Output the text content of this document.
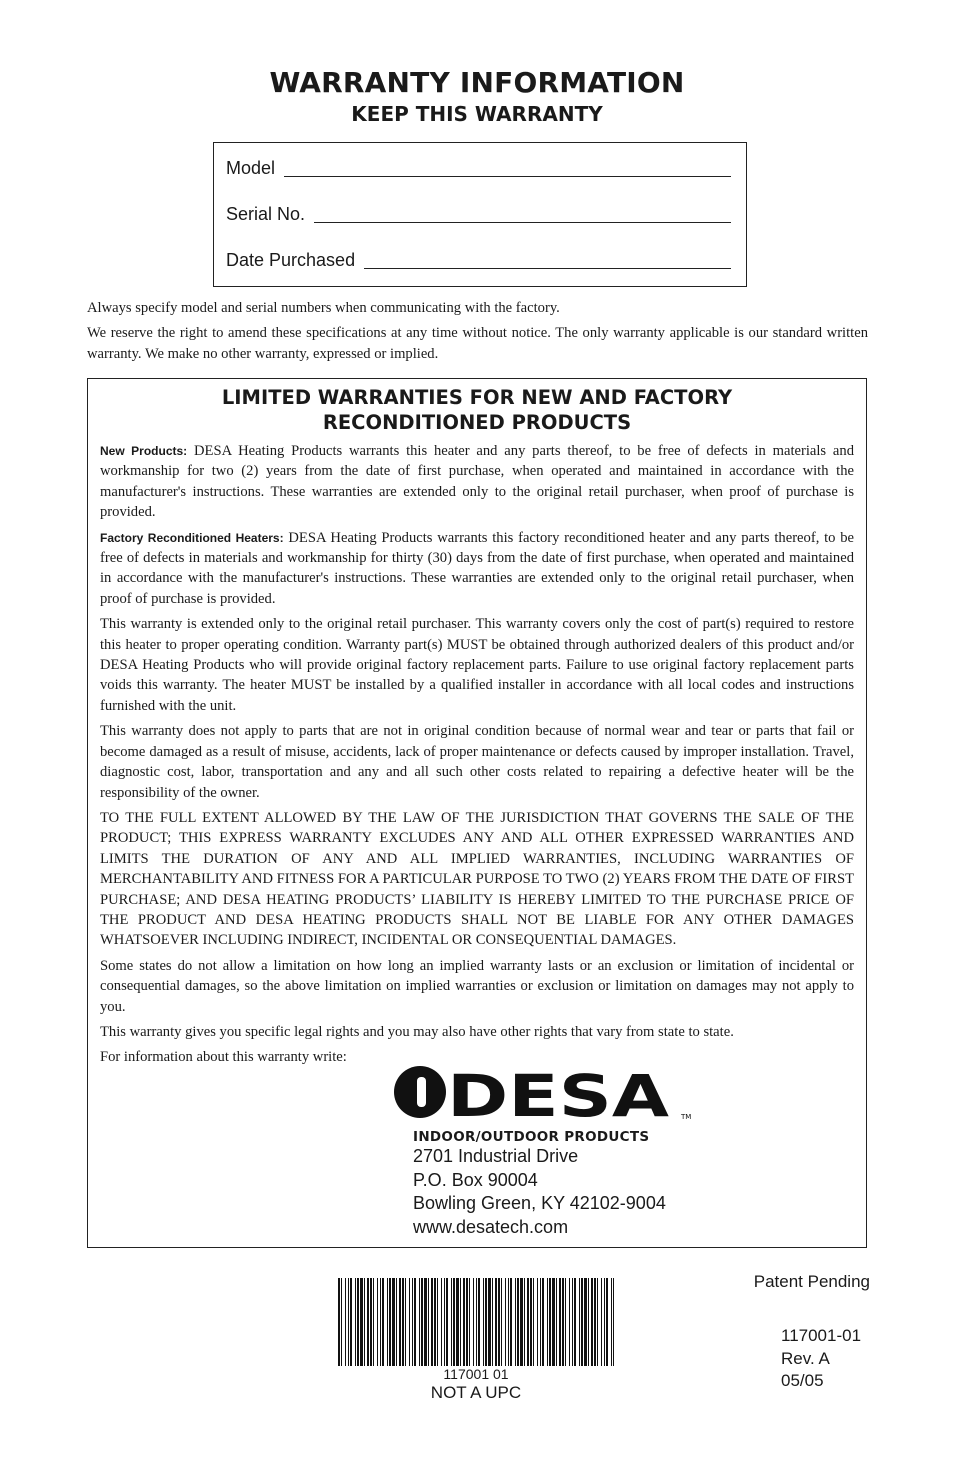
WARRANTY INFORMATION
KEEP THIS WARRANTY
Model
Serial No.
Date Purchased

Always specify model and serial numbers when communicating with the factory.

We reserve the right to amend these specifications at any time without notice. The only warranty applicable is our standard written warranty. We make no other warranty, expressed or implied.

LIMITED WARRANTIES FOR NEW AND FACTORY
RECONDITIONED PRODUCTS

New Products: DESA Heating Products warrants this heater and any parts thereof, to be free of defects in materials and workmanship for two (2) years from the date of first purchase, when operated and maintained in accordance with the manufacturer's instructions. These warranties are extended only to the original retail purchaser, when proof of purchase is provided.

Factory Reconditioned Heaters: DESA Heating Products warrants this factory reconditioned heater and any parts thereof, to be free of defects in materials and workmanship for thirty (30) days from the date of first purchase, when operated and maintained in accordance with the manufacturer's instructions. These warranties are extended only to the original retail purchaser, when proof of purchase is provided.

This warranty is extended only to the original retail purchaser. This warranty covers only the cost of part(s) required to restore this heater to proper operating condition. Warranty part(s) MUST be obtained through authorized dealers of this product and/or DESA Heating Products who will provide original factory replacement parts. Failure to use original factory replacement parts voids this warranty. The heater MUST be installed by a qualified installer in accordance with all local codes and instructions furnished with the unit.

This warranty does not apply to parts that are not in original condition because of normal wear and tear or parts that fail or become damaged as a result of misuse, accidents, lack of proper maintenance or defects caused by improper installation. Travel, diagnostic cost, labor, transportation and any and all such other costs related to repairing a defective heater will be the responsibility of the owner.

TO THE FULL EXTENT ALLOWED BY THE LAW OF THE JURISDICTION THAT GOVERNS THE SALE OF THE PRODUCT; THIS EXPRESS WARRANTY EXCLUDES ANY AND ALL OTHER EXPRESSED WARRANTIES AND LIMITS THE DURATION OF ANY AND ALL IMPLIED WARRANTIES, INCLUDING WARRANTIES OF MERCHANTABILITY AND FITNESS FOR A PARTICULAR PURPOSE TO TWO (2) YEARS FROM THE DATE OF FIRST PURCHASE; AND DESA HEATING PRODUCTS’ LIABILITY IS HEREBY LIMITED TO THE PURCHASE PRICE OF THE PRODUCT AND DESA HEATING PRODUCTS SHALL NOT BE LIABLE FOR ANY OTHER DAMAGES WHATSOEVER INCLUDING INDIRECT, INCIDENTAL OR CONSEQUENTIAL DAMAGES.

Some states do not allow a limitation on how long an implied warranty lasts or an exclusion or limitation of incidental or consequential damages, so the above limitation on implied warranties or exclusion or limitation on damages may not apply to you.

This warranty gives you specific legal rights and you may also have other rights that vary from state to state.

For information about this warranty write:

DESA TM
INDOOR/OUTDOOR PRODUCTS
2701 Industrial Drive
P.O. Box 90004
Bowling Green, KY 42102-9004
www.desatech.com
117001 01
NOT A UPC
Patent Pending
117001-01
Rev. A
05/05
